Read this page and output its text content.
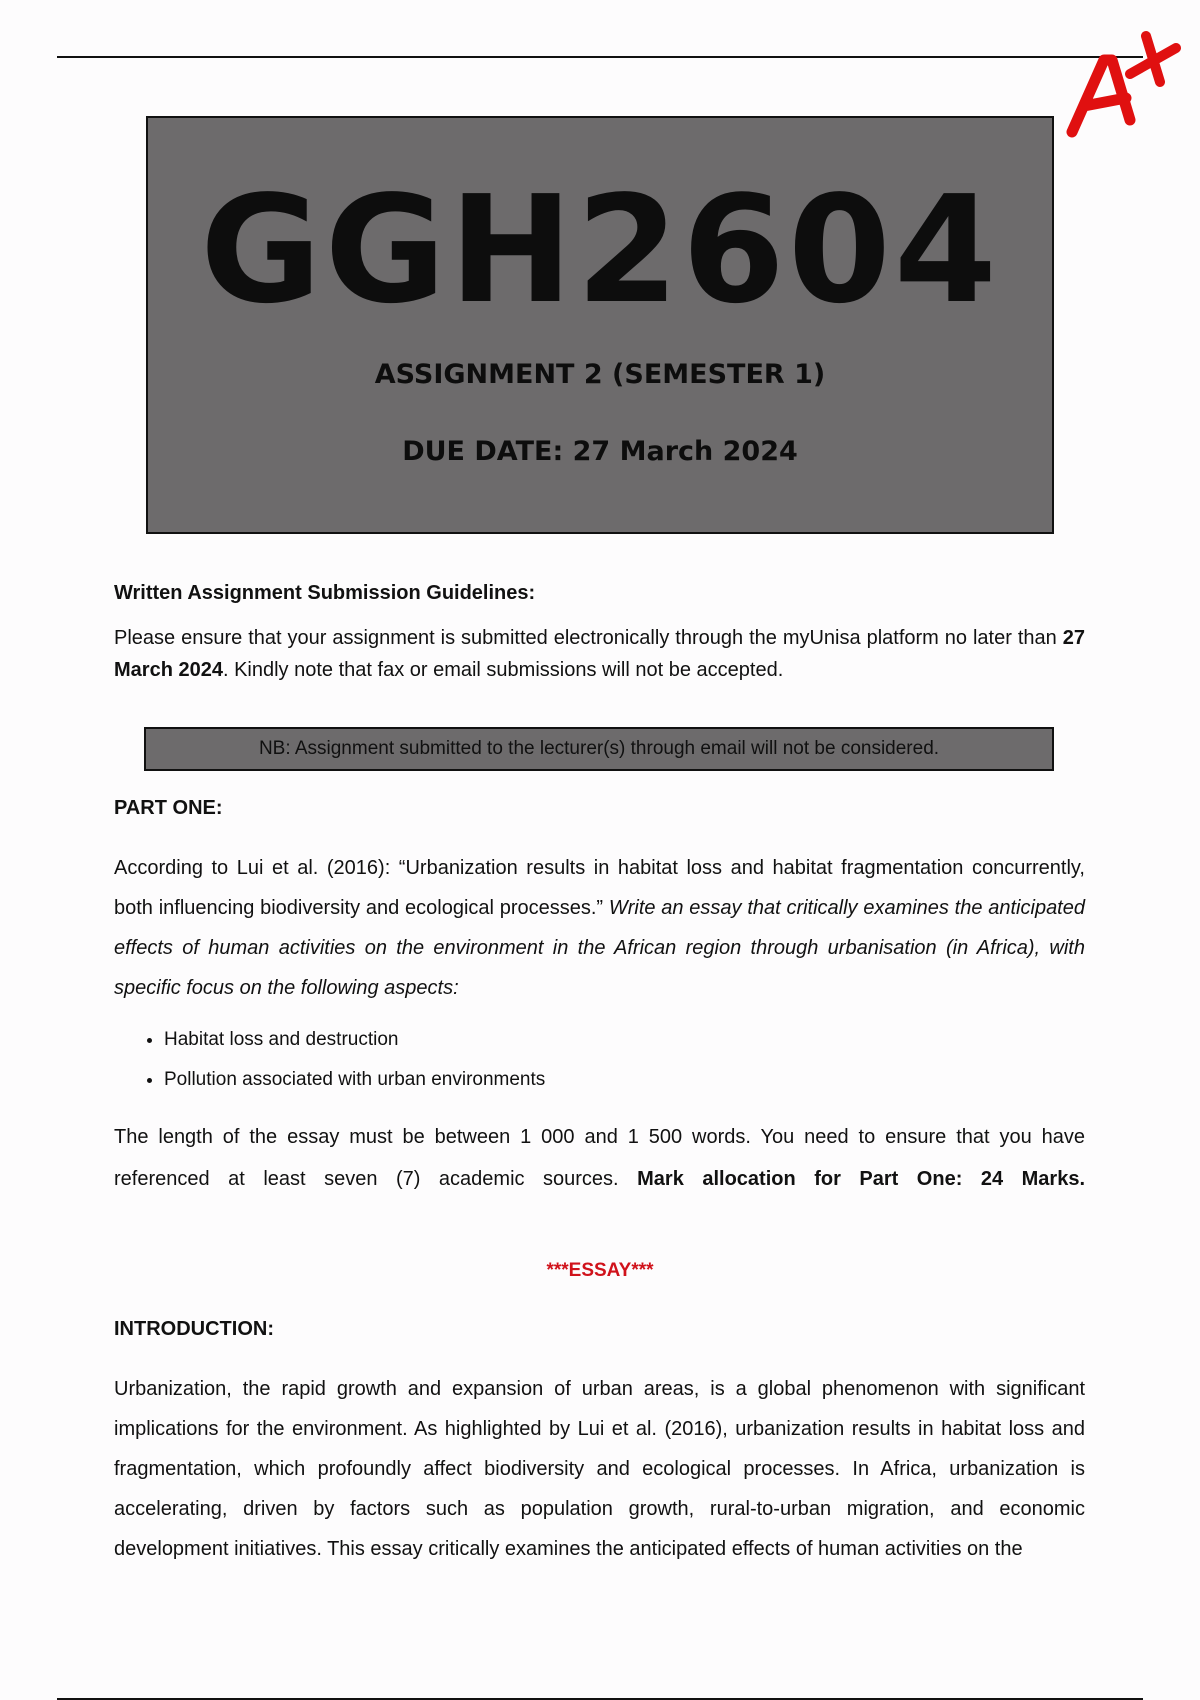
GGH2604
ASSIGNMENT 2 (SEMESTER 1)
DUE DATE: 27 March 2024
Written Assignment Submission Guidelines:
Please ensure that your assignment is submitted electronically through the myUnisa platform no later than 27 March 2024. Kindly note that fax or email submissions will not be accepted.
NB: Assignment submitted to the lecturer(s) through email will not be considered.
PART ONE:
According to Lui et al. (2016): “Urbanization results in habitat loss and habitat fragmentation concurrently, both influencing biodiversity and ecological processes.” Write an essay that critically examines the anticipated effects of human activities on the environment in the African region through urbanisation (in Africa), with specific focus on the following aspects:
• Habitat loss and destruction
• Pollution associated with urban environments
The length of the essay must be between 1 000 and 1 500 words. You need to ensure that you have referenced at least seven (7) academic sources. Mark allocation for Part One: 24 Marks.
***ESSAY***
INTRODUCTION:
Urbanization, the rapid growth and expansion of urban areas, is a global phenomenon with significant implications for the environment. As highlighted by Lui et al. (2016), urbanization results in habitat loss and fragmentation, which profoundly affect biodiversity and ecological processes. In Africa, urbanization is accelerating, driven by factors such as population growth, rural-to-urban migration, and economic development initiatives. This essay critically examines the anticipated effects of human activities on the
